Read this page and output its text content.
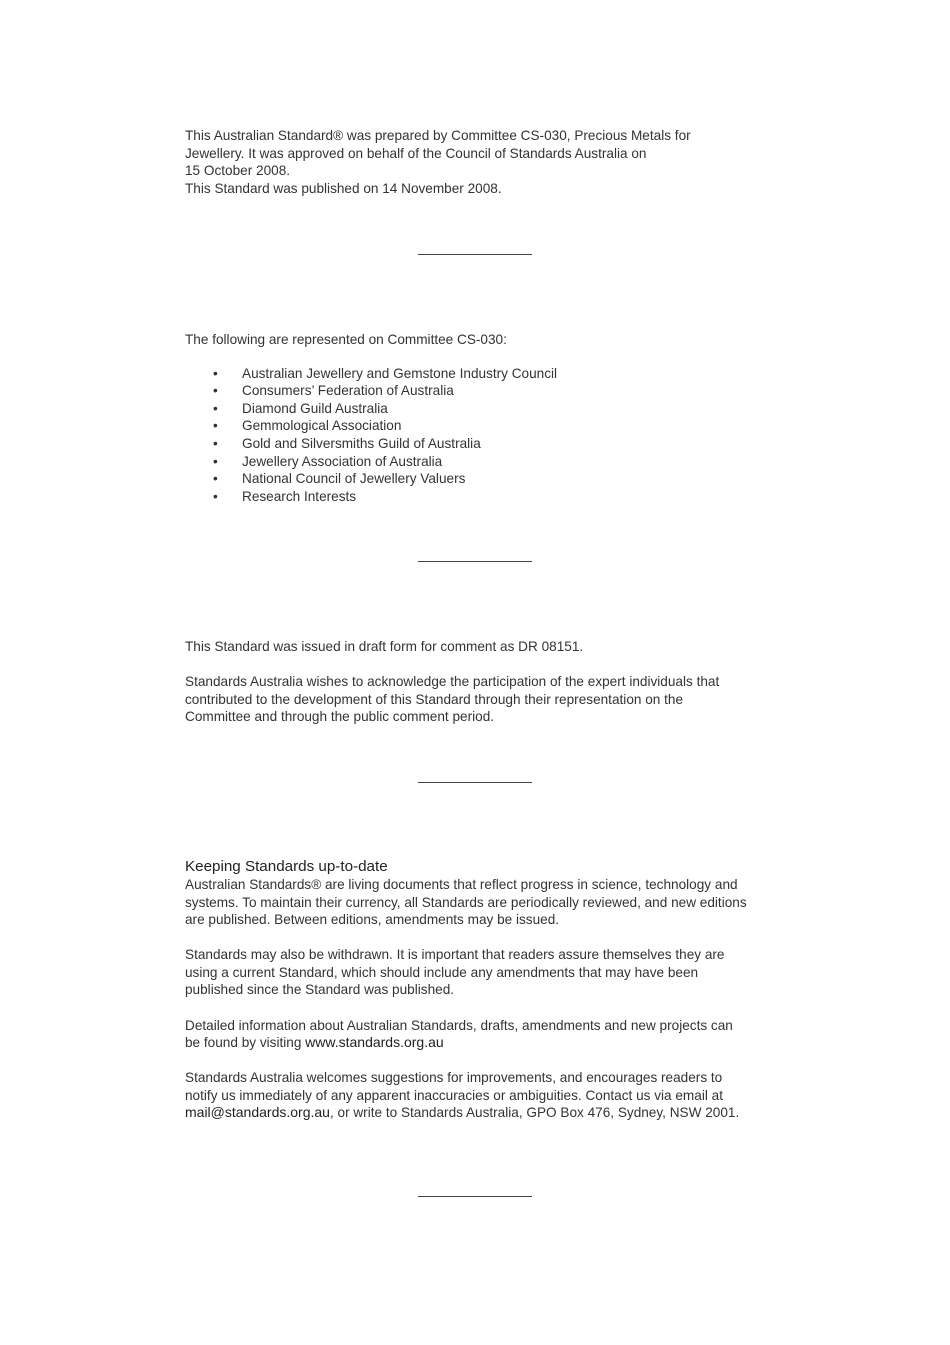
This Australian Standard® was prepared by Committee CS-030, Precious Metals for
Jewellery. It was approved on behalf of the Council of Standards Australia on
15 October 2008.
This Standard was published on 14 November 2008.

The following are represented on Committee CS-030:

• Australian Jewellery and Gemstone Industry Council
• Consumers’ Federation of Australia
• Diamond Guild Australia
• Gemmological Association
• Gold and Silversmiths Guild of Australia
• Jewellery Association of Australia
• National Council of Jewellery Valuers
• Research Interests

This Standard was issued in draft form for comment as DR 08151.

Standards Australia wishes to acknowledge the participation of the expert individuals that
contributed to the development of this Standard through their representation on the
Committee and through the public comment period.
Keeping Standards up-to-date
Australian Standards® are living documents that reflect progress in science, technology and
systems. To maintain their currency, all Standards are periodically reviewed, and new editions
are published. Between editions, amendments may be issued.
Standards may also be withdrawn. It is important that readers assure themselves they are
using a current Standard, which should include any amendments that may have been
published since the Standard was published.
Detailed information about Australian Standards, drafts, amendments and new projects can
be found by visiting www.standards.org.au
Standards Australia welcomes suggestions for improvements, and encourages readers to
notify us immediately of any apparent inaccuracies or ambiguities. Contact us via email at
mail@standards.org.au, or write to Standards Australia, GPO Box 476, Sydney, NSW 2001.
